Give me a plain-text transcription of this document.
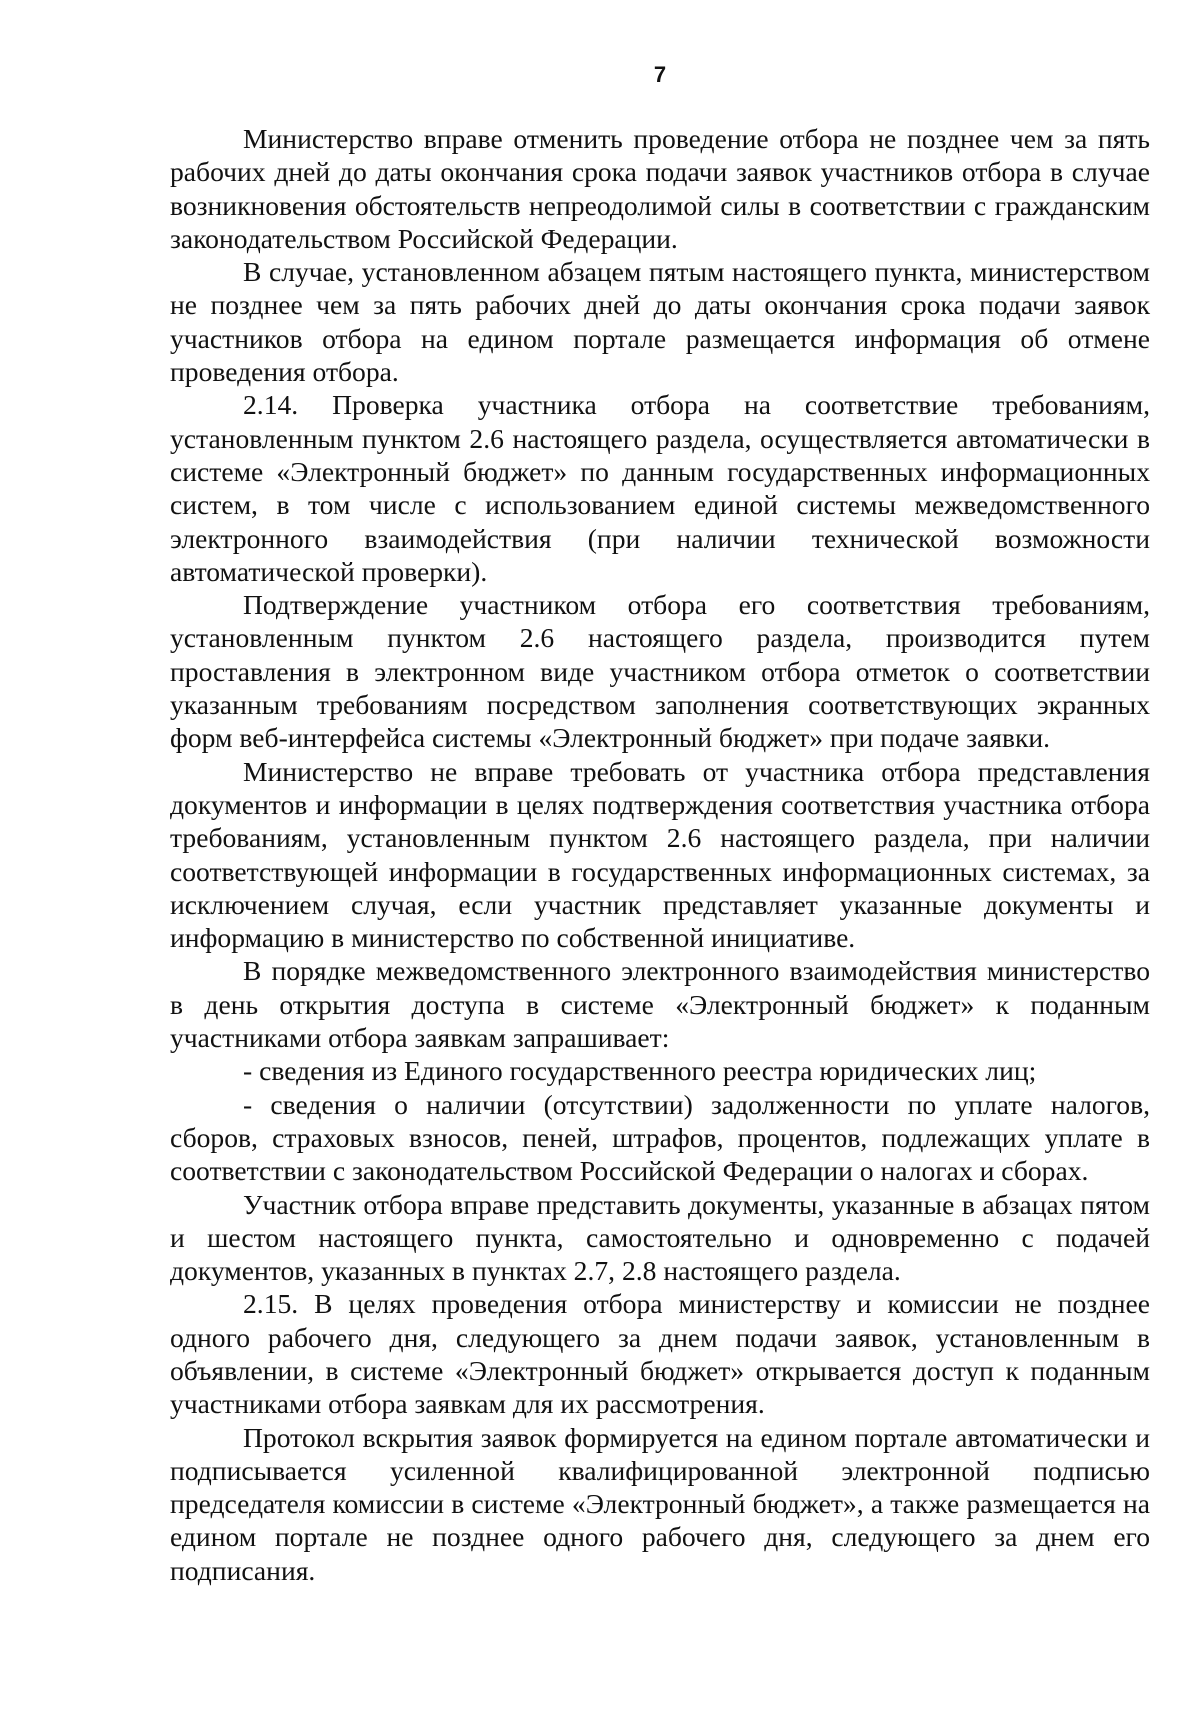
7

Министерство вправе отменить проведение отбора не позднее чем за пять рабочих дней до даты окончания срока подачи заявок участников отбора в случае возникновения обстоятельств непреодолимой силы в соответствии с гражданским законодательством Российской Федерации.

В случае, установленном абзацем пятым настоящего пункта, министерством не позднее чем за пять рабочих дней до даты окончания срока подачи заявок участников отбора на едином портале размещается информация об отмене проведения отбора.

2.14. Проверка участника отбора на соответствие требованиям, установленным пунктом 2.6 настоящего раздела, осуществляется автоматически в системе «Электронный бюджет» по данным государственных информационных систем, в том числе с использованием единой системы межведомственного электронного взаимодействия (при наличии технической возможности автоматической проверки).

Подтверждение участником отбора его соответствия требованиям, установленным пунктом 2.6 настоящего раздела, производится путем проставления в электронном виде участником отбора отметок о соответствии указанным требованиям посредством заполнения соответствующих экранных форм веб-интерфейса системы «Электронный бюджет» при подаче заявки.

Министерство не вправе требовать от участника отбора представления документов и информации в целях подтверждения соответствия участника отбора требованиям, установленным пунктом 2.6 настоящего раздела, при наличии соответствующей информации в государственных информационных системах, за исключением случая, если участник представляет указанные документы и информацию в министерство по собственной инициативе.

В порядке межведомственного электронного взаимодействия министерство в день открытия доступа в системе «Электронный бюджет» к поданным участниками отбора заявкам запрашивает:

- сведения из Единого государственного реестра юридических лиц;

- сведения о наличии (отсутствии) задолженности по уплате налогов, сборов, страховых взносов, пеней, штрафов, процентов, подлежащих уплате в соответствии с законодательством Российской Федерации о налогах и сборах.

Участник отбора вправе представить документы, указанные в абзацах пятом и шестом настоящего пункта, самостоятельно и одновременно с подачей документов, указанных в пунктах 2.7, 2.8 настоящего раздела.

2.15. В целях проведения отбора министерству и комиссии не позднее одного рабочего дня, следующего за днем подачи заявок, установленным в объявлении, в системе «Электронный бюджет» открывается доступ к поданным участниками отбора заявкам для их рассмотрения.

Протокол вскрытия заявок формируется на едином портале автоматически и подписывается усиленной квалифицированной электронной подписью председателя комиссии в системе «Электронный бюджет», а также размещается на едином портале не позднее одного рабочего дня, следующего за днем его подписания.
